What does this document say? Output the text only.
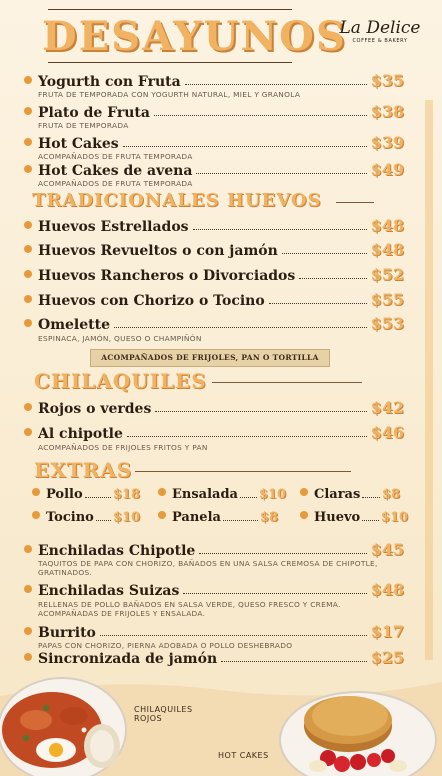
DESAYUNOS
La Delice
COFFEE & BAKERY
Yogurth con Fruta	$35
FRUTA DE TEMPORADA CON YOGURTH NATURAL, MIEL Y GRANOLA
Plato de Fruta	$38
FRUTA DE TEMPORADA
Hot Cakes	$39
ACOMPAÑADOS DE FRUTA TEMPORADA
Hot Cakes de avena	$49
ACOMPAÑADOS DE FRUTA TEMPORADA
TRADICIONALES HUEVOS
Huevos Estrellados	$48
Huevos Revueltos o con jamón	$48
Huevos Rancheros o Divorciados	$52
Huevos con Chorizo o Tocino	$55
Omelette	$53
ESPINACA, JAMÓN, QUESO O CHAMPIÑÓN
ACOMPAÑADOS DE FRIJOLES, PAN O TORTILLA
CHILAQUILES
Rojos o verdes	$42
Al chipotle	$46
ACOMPAÑADOS DE FRIJOLES FRITOS Y PAN
EXTRAS
Pollo $18 Ensalada $10 Claras $8
Tocino $10 Panela	$8	Huevo $10
Enchiladas Chipotle	$45
TAQUITOS DE PAPA CON CHORIZO, BAÑADOS EN UNA SALSA CREMOSA DE CHIPOTLE, GRATINADOS.
Enchiladas Suizas	$48
RELLENAS DE POLLO BAÑADOS EN SALSA VERDE, QUESO FRESCO Y CREMA. ACOMPAÑADAS DE FRIJOLES Y ENSALADA.
Burrito	$17
PAPAS CON CHORIZO, PIERNA ADOBADA O POLLO DESHEBRADO
Sincronizada de jamón	$25
CHILAQUILES ROJOS
HOT CAKES
